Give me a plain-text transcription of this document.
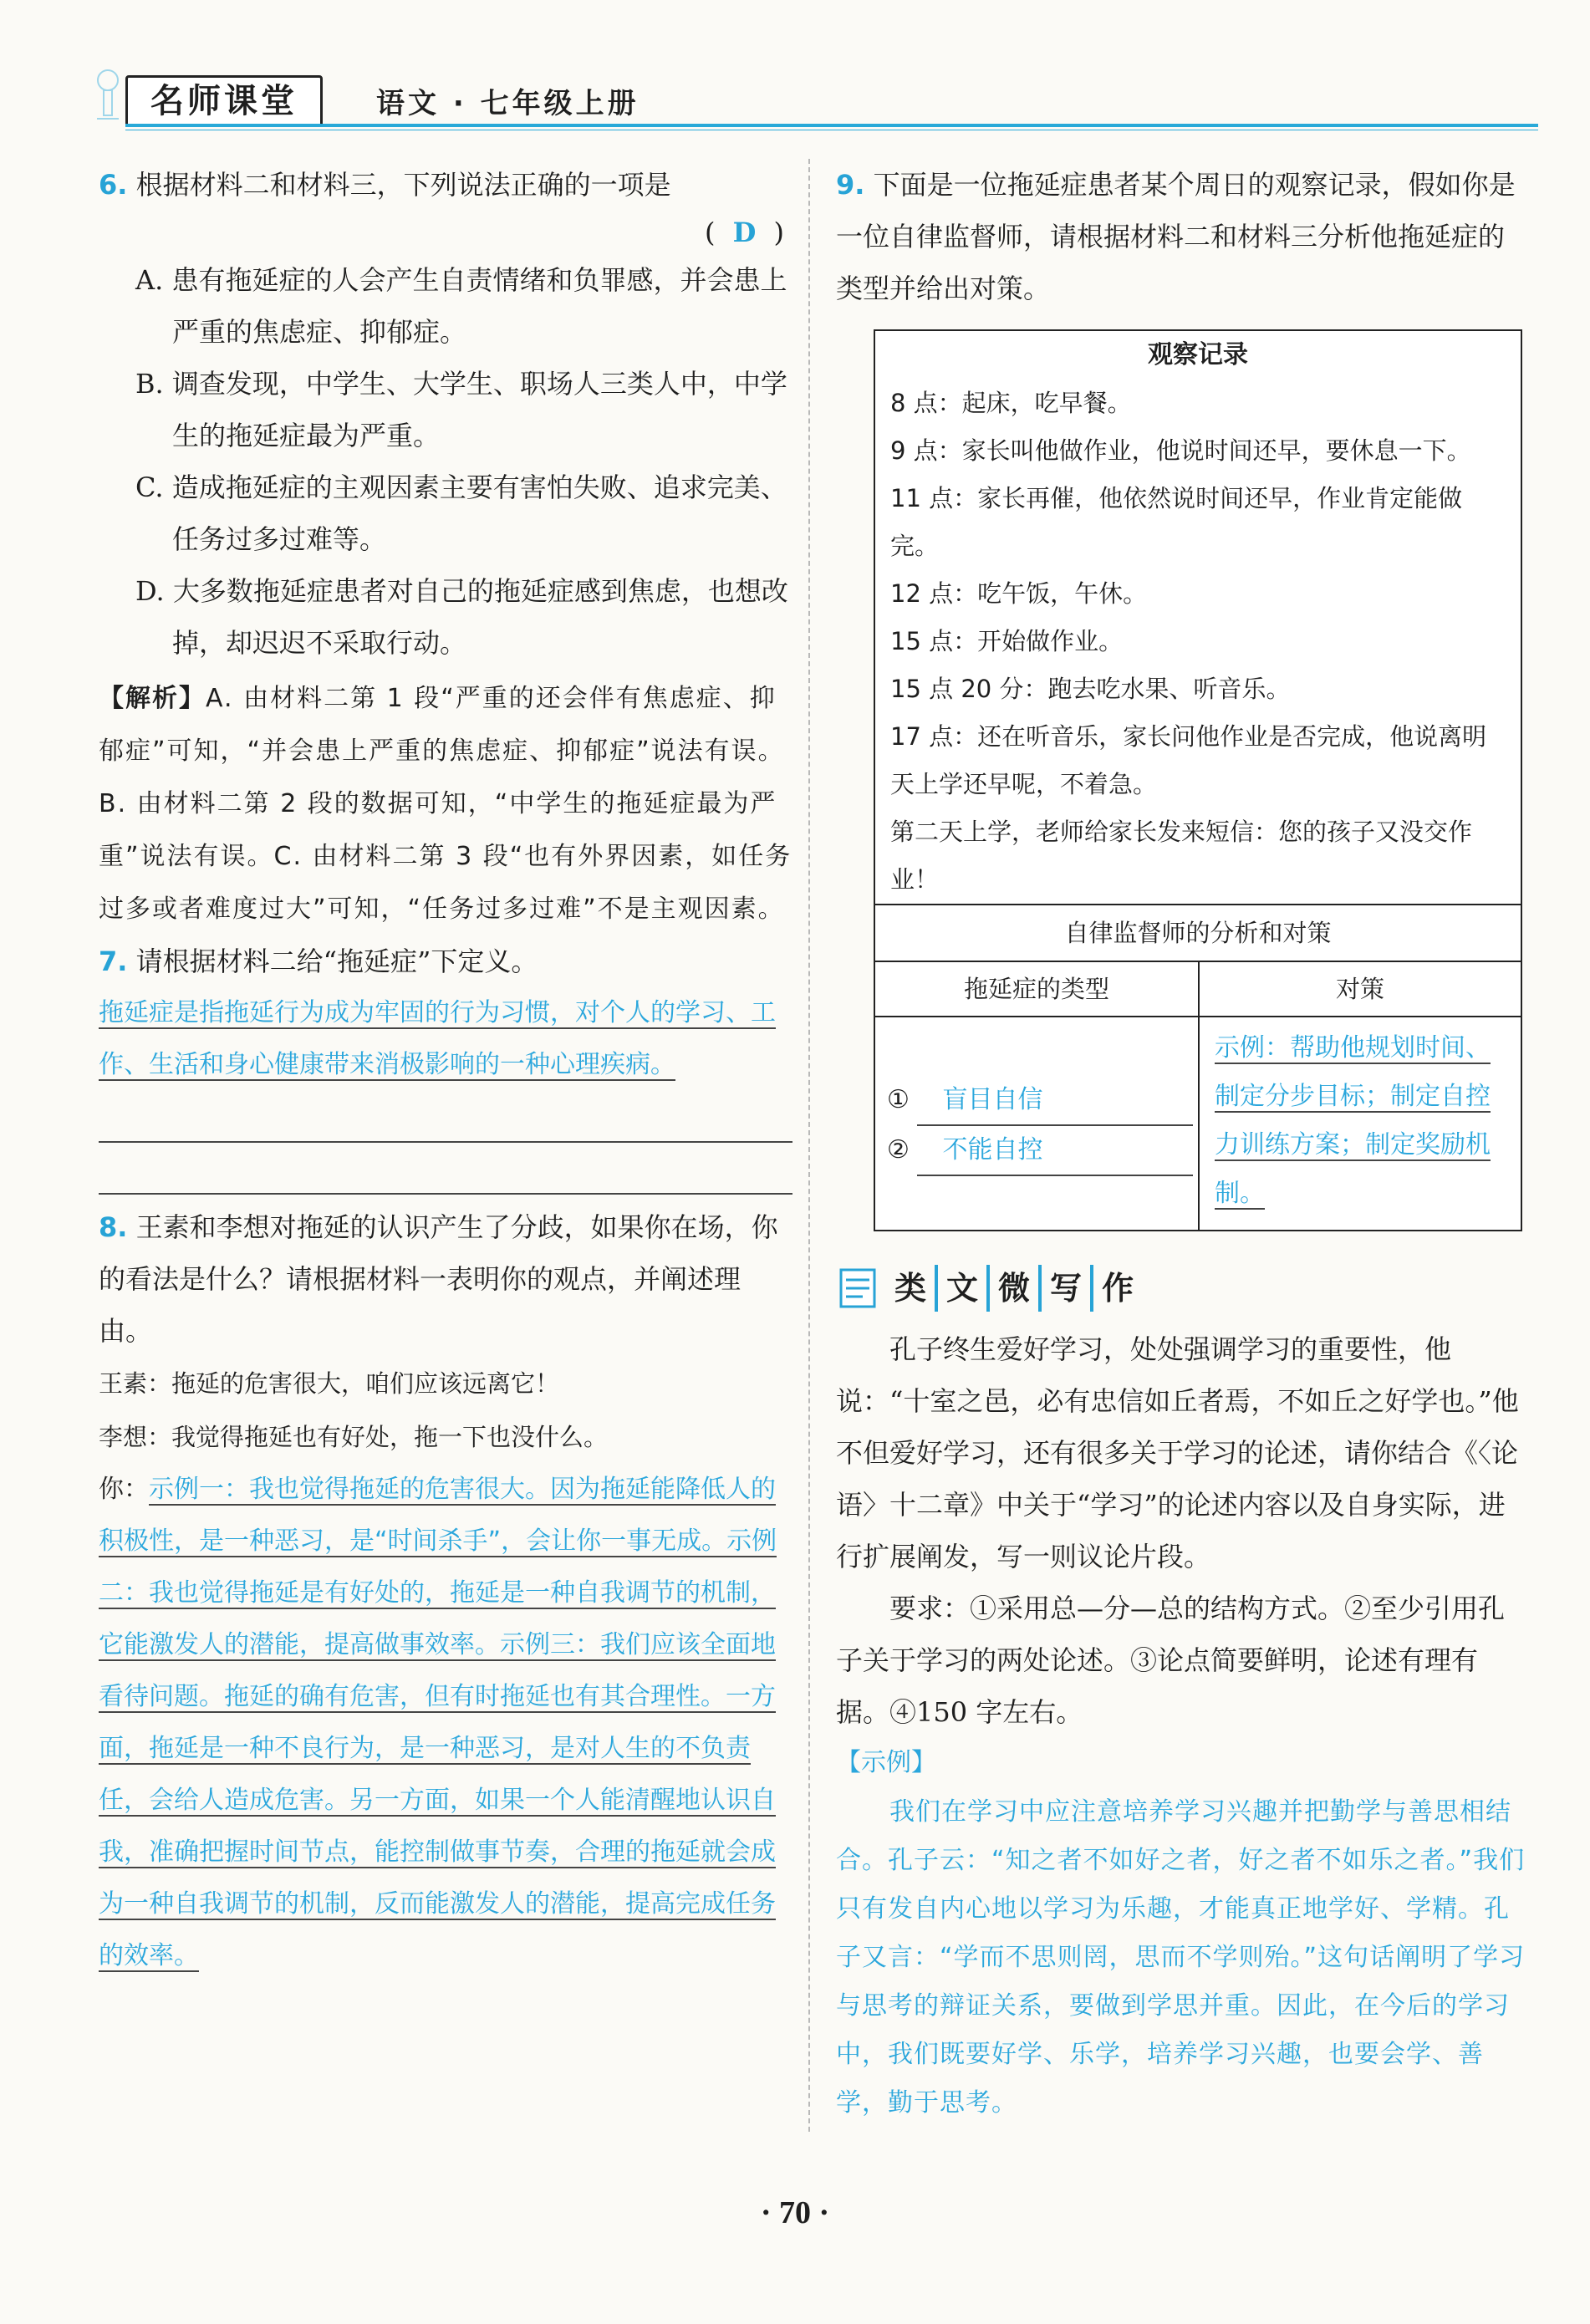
名师课堂	语文 · 七年级上册
6. 根据材料二和材料三，下列说法正确的一项是
( D )
A. 患有拖延症的人会产生自责情绪和负罪感，并会患上严重的焦虑症、抑郁症。
B. 调查发现，中学生、大学生、职场人三类人中，中学生的拖延症最为严重。
C. 造成拖延症的主观因素主要有害怕失败、追求完美、任务过多过难等。
D. 大多数拖延症患者对自己的拖延症感到焦虑，也想改掉，却迟迟不采取行动。
【解析】A. 由材料二第 1 段“严重的还会伴有焦虑症、抑郁症”可知，“并会患上严重的焦虑症、抑郁症”说法有误。B. 由材料二第 2 段的数据可知，“中学生的拖延症最为严重”说法有误。C. 由材料二第 3 段“也有外界因素，如任务过多或者难度过大”可知，“任务过多过难”不是主观因素。
7. 请根据材料二给“拖延症”下定义。
拖延症是指拖延行为成为牢固的行为习惯，对个人的学习、工作、生活和身心健康带来消极影响的一种心理疾病。
8. 王素和李想对拖延的认识产生了分歧，如果你在场，你的看法是什么？请根据材料一表明你的观点，并阐述理由。
王素：拖延的危害很大，咱们应该远离它！
李想：我觉得拖延也有好处，拖一下也没什么。
你：示例一：我也觉得拖延的危害很大。因为拖延能降低人的积极性，是一种恶习，是“时间杀手”，会让你一事无成。示例二：我也觉得拖延是有好处的，拖延是一种自我调节的机制，它能激发人的潜能，提高做事效率。示例三：我们应该全面地看待问题。拖延的确有危害，但有时拖延也有其合理性。一方面，拖延是一种不良行为，是一种恶习，是对人生的不负责任，会给人造成危害。另一方面，如果一个人能清醒地认识自我，准确把握时间节点，能控制做事节奏，合理的拖延就会成为一种自我调节的机制，反而能激发人的潜能，提高完成任务的效率。
9. 下面是一位拖延症患者某个周日的观察记录，假如你是一位自律监督师，请根据材料二和材料三分析他拖延症的类型并给出对策。
观察记录
8 点：起床，吃早餐。
9 点：家长叫他做作业，他说时间还早，要休息一下。
11 点：家长再催，他依然说时间还早，作业肯定能做完。
12 点：吃午饭，午休。
15 点：开始做作业。
15 点 20 分：跑去吃水果、听音乐。
17 点：还在听音乐，家长问他作业是否完成，他说离明天上学还早呢，不着急。
第二天上学，老师给家长发来短信：您的孩子又没交作业！
自律监督师的分析和对策
拖延症的类型	对策
① 盲目自信
② 不能自控
示例：帮助他规划时间、制定分步目标；制定自控力训练方案；制定奖励机制。
类 文 微 写 作
孔子终生爱好学习，处处强调学习的重要性，他说：“十室之邑，必有忠信如丘者焉，不如丘之好学也。”他不但爱好学习，还有很多关于学习的论述，请你结合《〈论语〉十二章》中关于“学习”的论述内容以及自身实际，进行扩展阐发，写一则议论片段。
要求：①采用总—分—总的结构方式。②至少引用孔子关于学习的两处论述。③论点简要鲜明，论述有理有据。④150 字左右。
【示例】
我们在学习中应注意培养学习兴趣并把勤学与善思相结合。孔子云：“知之者不如好之者，好之者不如乐之者。”我们只有发自内心地以学习为乐趣，才能真正地学好、学精。孔子又言：“学而不思则罔，思而不学则殆。”这句话阐明了学习与思考的辩证关系，要做到学思并重。因此，在今后的学习中，我们既要好学、乐学，培养学习兴趣，也要会学、善学，勤于思考。
· 70 ·
